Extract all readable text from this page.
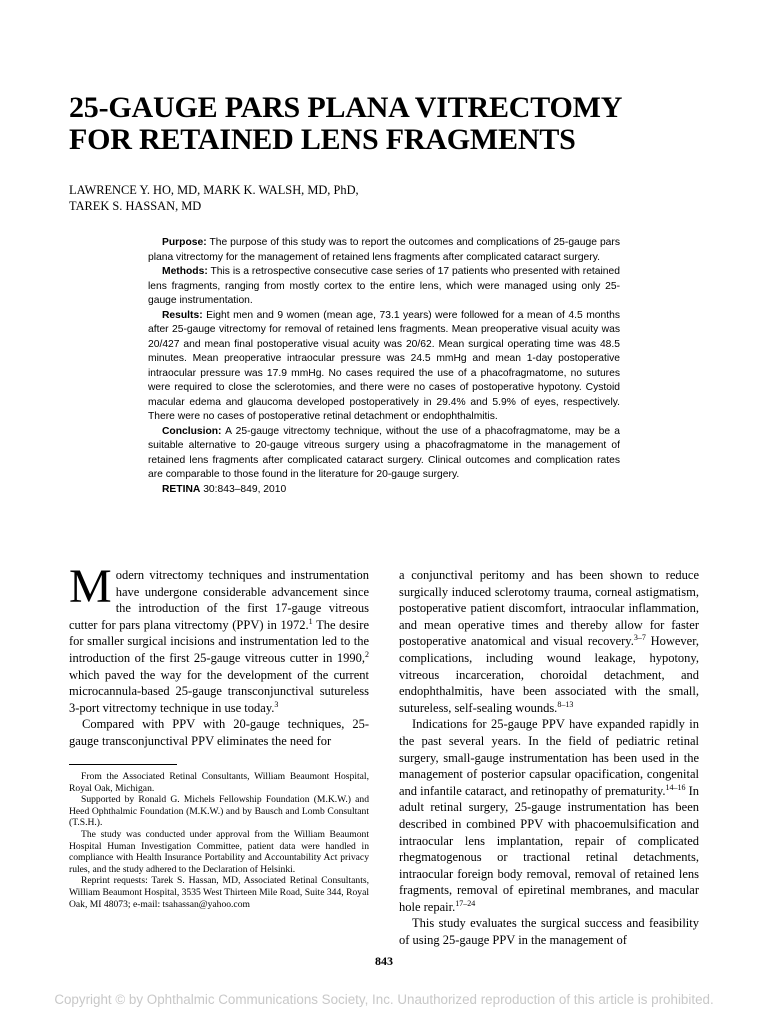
25-GAUGE PARS PLANA VITRECTOMY
FOR RETAINED LENS FRAGMENTS
LAWRENCE Y. HO, MD, MARK K. WALSH, MD, PhD,
TAREK S. HASSAN, MD

Purpose: The purpose of this study was to report the outcomes and complications of 25-gauge pars plana vitrectomy for the management of retained lens fragments after complicated cataract surgery.

Methods: This is a retrospective consecutive case series of 17 patients who presented with retained lens fragments, ranging from mostly cortex to the entire lens, which were managed using only 25-gauge instrumentation.

Results: Eight men and 9 women (mean age, 73.1 years) were followed for a mean of 4.5 months after 25-gauge vitrectomy for removal of retained lens fragments. Mean preoperative visual acuity was 20/427 and mean final postoperative visual acuity was 20/62. Mean surgical operating time was 48.5 minutes. Mean preoperative intraocular pressure was 24.5 mmHg and mean 1-day postoperative intraocular pressure was 17.9 mmHg. No cases required the use of a phacofragmatome, no sutures were required to close the sclerotomies, and there were no cases of postoperative hypotony. Cystoid macular edema and glaucoma developed postoperatively in 29.4% and 5.9% of eyes, respectively. There were no cases of postoperative retinal detachment or endophthalmitis.

Conclusion: A 25-gauge vitrectomy technique, without the use of a phacofragmatome, may be a suitable alternative to 20-gauge vitreous surgery using a phacofragmatome in the management of retained lens fragments after complicated cataract surgery. Clinical outcomes and complication rates are comparable to those found in the literature for 20-gauge surgery.

RETINA 30:843–849, 2010

Modern vitrectomy techniques and instrumentation have undergone considerable advancement since the introduction of the first 17-gauge vitreous cutter for pars plana vitrectomy (PPV) in 1972.$^1$ The desire for smaller surgical incisions and instrumentation led to the introduction of the first 25-gauge vitreous cutter in 1990,$^2$ which paved the way for the development of the current microcannula-based 25-gauge transconjunctival sutureless 3-port vitrectomy technique in use today.$^3$

Compared with PPV with 20-gauge techniques, 25-gauge transconjunctival PPV eliminates the need for

From the Associated Retinal Consultants, William Beaumont Hospital, Royal Oak, Michigan.

Supported by Ronald G. Michels Fellowship Foundation (M.K.W.) and Heed Ophthalmic Foundation (M.K.W.) and by Bausch and Lomb Consultant (T.S.H.).

The study was conducted under approval from the William Beaumont Hospital Human Investigation Committee, patient data were handled in compliance with Health Insurance Portability and Accountability Act privacy rules, and the study adhered to the Declaration of Helsinki.

Reprint requests: Tarek S. Hassan, MD, Associated Retinal Consultants, William Beaumont Hospital, 3535 West Thirteen Mile Road, Suite 344, Royal Oak, MI 48073; e-mail: tsahassan@yahoo.com

a conjunctival peritomy and has been shown to reduce surgically induced sclerotomy trauma, corneal astigmatism, postoperative patient discomfort, intraocular inflammation, and mean operative times and thereby allow for faster postoperative anatomical and visual recovery.$^{3-7}$ However, complications, including wound leakage, hypotony, vitreous incarceration, choroidal detachment, and endophthalmitis, have been associated with the small, sutureless, self-sealing wounds.$^{8-13}$

Indications for 25-gauge PPV have expanded rapidly in the past several years. In the field of pediatric retinal surgery, small-gauge instrumentation has been used in the management of posterior capsular opacification, congenital and infantile cataract, and retinopathy of prematurity.$^{14-16}$ In adult retinal surgery, 25-gauge instrumentation has been described in combined PPV with phacoemulsification and intraocular lens implantation, repair of complicated rhegmatogenous or tractional retinal detachments, intraocular foreign body removal, removal of retained lens fragments, removal of epiretinal membranes, and macular hole repair.$^{17-24}$

This study evaluates the surgical success and feasibility of using 25-gauge PPV in the management of

843
Copyright © by Ophthalmic Communications Society, Inc. Unauthorized reproduction of this article is prohibited.
